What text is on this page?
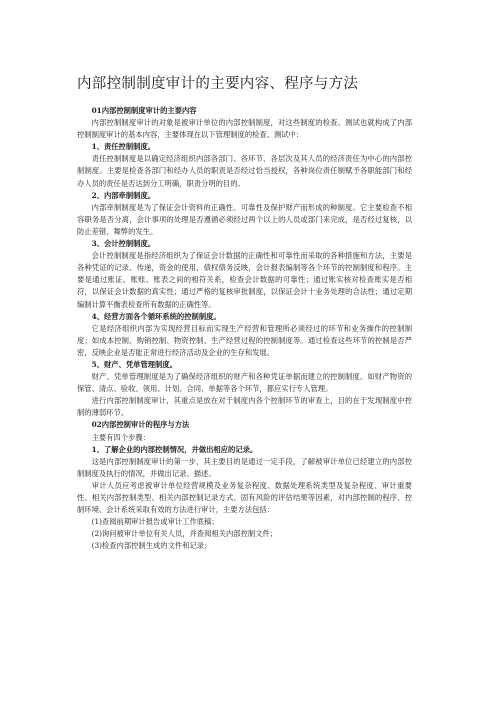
内部控制制度审计的主要内容、程序与方法

01内部控制制度审计的主要内容

内部控制制度审计的对象是被审计单位的内部控制制度，对这些制度的检查、测试也就构成了内部控制制度审计的基本内容，主要体现在以下管理制度的检查、测试中：

1、责任控制制度。

责任控制制度是以确定经济组织内部各部门、各环节、各层次及其人员的经济责任为中心的内部控制制度。主要是检查各部门和经办人员的职责是否经过恰当授权，各种岗位责任制赋予各职能部门和经办人员的责任是否达到分工明确，职责分明的目的。

2、内部牵制制度。

内部牵制制度是为了保证会计资料的正确性、可靠性及保护财产而形成的种制度。它主要检查不相容职务是否分离，会计事项的处理是否遵循必须经过两个以上的人员或部门来完成，是否经过复核，以防止差错、舞弊的发生。

3、会计控制制度。

会计控制制度是指经济组织为了保证会计数据的正确性和可靠性而采取的各种措施和方法，主要是各种凭证的记录、传递，资金的使用，债权债务反映，会计报表编制等各个环节的控制制度和程序。主要是通过账证、账账、账表之间的相符关系，检查会计数据的可靠性；通过账实核对检查账实是否相符，以保证会计数据的真实性；通过严格的复核审批制度，以保证会计十业务处理的合法性；通过定期编制计算平衡表检查所有数据的正确性等。

4、经营方面各个循环系统的控制制度。

它是经济组织内部为实现经营目标而实现生产经营和管理所必须经过的环节和业务操作的控制制度；如成本控制、购销控制、物资控制、生产经营过程的控制制度等。通过检查这些环节的控制是否严密，反映企业是否能正常进行经济活动及企业的生存和发展。

5、财产、凭单管理制度。

财产、凭单管理制度是为了确保经济组织的财产和各种凭证单据而建立的控制制度。如财产物资的保管、清点、验收、领用、计划、合同、单据等各个环节，都应实行专人管理。

进行内部控制制度审计，其重点是放在对于制度内各个控制环节的审查上，目的在于发现制度中控制的薄弱环节。

02内部控制审计的程序与方法

主要有四个步骤：

1、了解企业的内部控制情况，并做出相应的记录。

这是内部控制制度审计的第一步，其主要目的是通过一定手段，了解被审计单位已经建立的内部控制制度及执行的情况，并做出记录、描述。

审计人员应考虑被审计单位经营规模及业务复杂程度、数据处理系统类型及复杂程度、审计重要性、相关内部控制类型、相关内部控制记录方式、固有风险的评估结果等因素，对内部控制的程序、控制环境、会计系统采取有效的方法进行审计，主要方法包括：

(1)查阅前期审计报告或审计工作底稿；

(2)询问被审计单位有关人员，并查阅相关内部控制文件；

(3)检查内部控制生成的文件和记录；
